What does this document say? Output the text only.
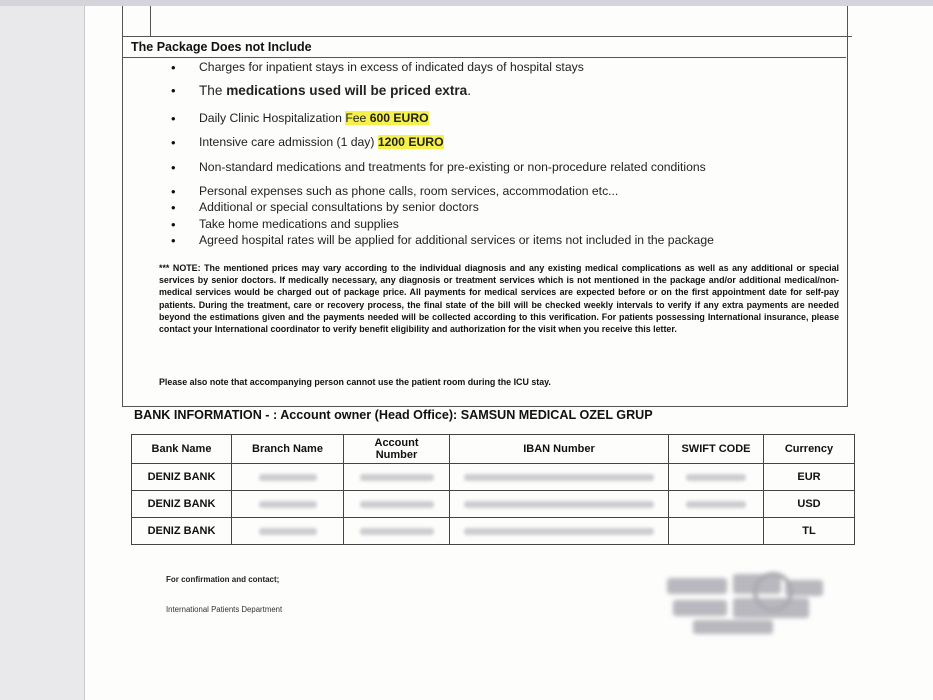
The Package Does not Include
• Charges for inpatient stays in excess of indicated days of hospital stays
• The medications used will be priced extra.
• Daily Clinic Hospitalization Fee 600 EURO
• Intensive care admission (1 day) 1200 EURO
• Non-standard medications and treatments for pre-existing or non-procedure related conditions
• Personal expenses such as phone calls, room services, accommodation etc...
• Additional or special consultations by senior doctors
• Take home medications and supplies
• Agreed hospital rates will be applied for additional services or items not included in the package
*** NOTE: The mentioned prices may vary according to the individual diagnosis and any existing medical complications as well as any additional or special services by senior doctors. If medically necessary, any diagnosis or treatment services which is not mentioned in the package and/or additional medical/non-medical services would be charged out of package price. All payments for medical services are expected before or on the first appointment date for self-pay patients. During the treatment, care or recovery process, the final state of the bill will be checked weekly intervals to verify if any extra payments are needed beyond the estimations given and the payments needed will be collected according to this verification. For patients possessing International insurance, please contact your International coordinator to verify benefit eligibility and authorization for the visit when you receive this letter.
Please also note that accompanying person cannot use the patient room during the ICU stay.
BANK INFORMATION - : Account owner (Head Office): SAMSUN MEDICAL OZEL GRUP
Bank Name	Branch Name	Account Number	IBAN Number	SWIFT CODE	Currency
DENIZ BANK					EUR
DENIZ BANK					USD
DENIZ BANK					TL
For confirmation and contact;
International Patients Department
